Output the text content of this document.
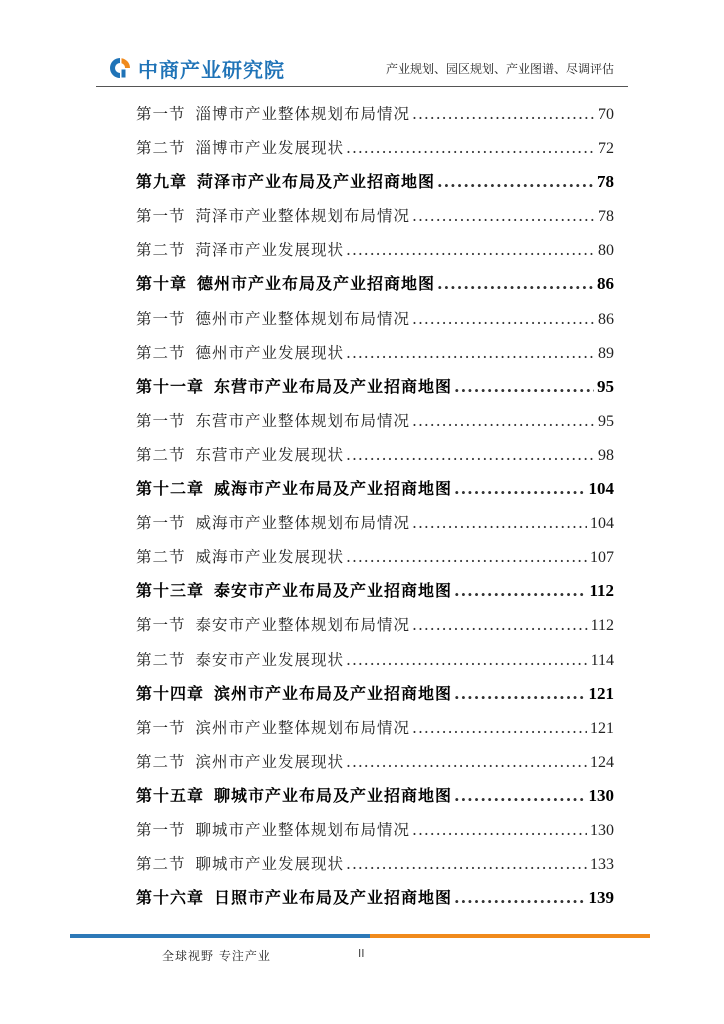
中商产业研究院	产业规划、园区规划、产业图谱、尽调评估
第一节 淄博市产业整体规划布局情况 .....	70
第二节 淄博市产业发展现状 .....	72
第九章 菏泽市产业布局及产业招商地图 .....	78
第一节 菏泽市产业整体规划布局情况 .....	78
第二节 菏泽市产业发展现状 .....	80
第十章 德州市产业布局及产业招商地图 .....	86
第一节 德州市产业整体规划布局情况 .....	86
第二节 德州市产业发展现状 .....	89
第十一章 东营市产业布局及产业招商地图 .....	95
第一节 东营市产业整体规划布局情况 .....	95
第二节 东营市产业发展现状 .....	98
第十二章 威海市产业布局及产业招商地图 .....	104
第一节 威海市产业整体规划布局情况 .....	104
第二节 威海市产业发展现状 .....	107
第十三章 泰安市产业布局及产业招商地图 .....	112
第一节 泰安市产业整体规划布局情况 .....	112
第二节 泰安市产业发展现状 .....	114
第十四章 滨州市产业布局及产业招商地图 .....	121
第一节 滨州市产业整体规划布局情况 .....	121
第二节 滨州市产业发展现状 .....	124
第十五章 聊城市产业布局及产业招商地图 .....	130
第一节 聊城市产业整体规划布局情况 .....	130
第二节 聊城市产业发展现状 .....	133
第十六章 日照市产业布局及产业招商地图 .....	139
全球视野 专注产业	II
